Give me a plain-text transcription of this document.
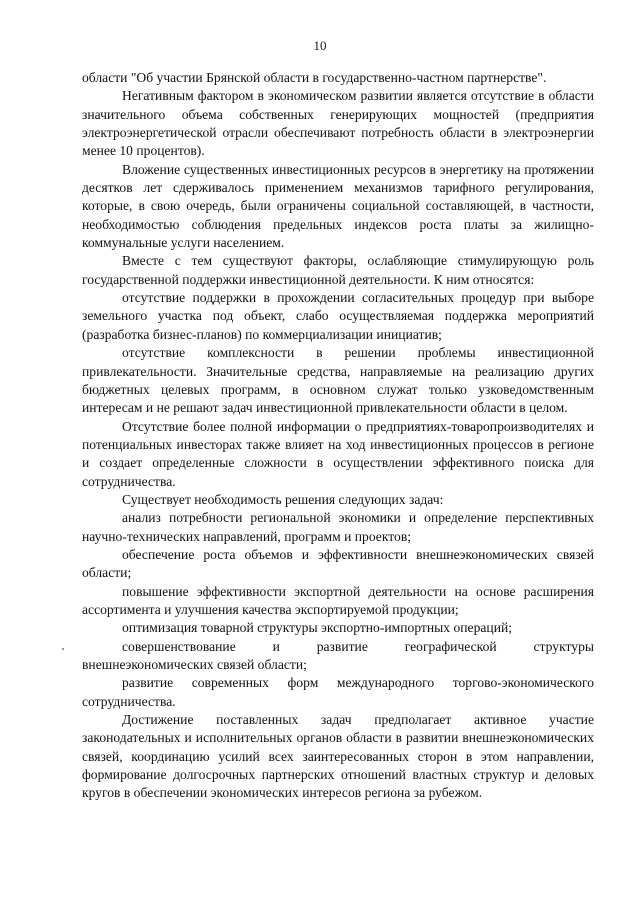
10

области "Об участии Брянской области в государственно-частном партнерстве".

Негативным фактором в экономическом развитии является отсутствие в области значительного объема собственных генерирующих мощностей (предприятия электроэнергетической отрасли обеспечивают потребность области в электроэнергии менее 10 процентов).

Вложение существенных инвестиционных ресурсов в энергетику на протяжении десятков лет сдерживалось применением механизмов тарифного регулирования, которые, в свою очередь, были ограничены социальной составляющей, в частности, необходимостью соблюдения предельных индексов роста платы за жилищно-коммунальные услуги населением.

Вместе с тем существуют факторы, ослабляющие стимулирующую роль государственной поддержки инвестиционной деятельности. К ним относятся:

отсутствие поддержки в прохождении согласительных процедур при выборе земельного участка под объект, слабо осуществляемая поддержка мероприятий (разработка бизнес-планов) по коммерциализации инициатив;

отсутствие комплексности в решении проблемы инвестиционной привлекательности. Значительные средства, направляемые на реализацию других бюджетных целевых программ, в основном служат только узковедомственным интересам и не решают задач инвестиционной привлекательности области в целом.

Отсутствие более полной информации о предприятиях-товаропроизводителях и потенциальных инвесторах также влияет на ход инвестиционных процессов в регионе и создает определенные сложности в осуществлении эффективного поиска для сотрудничества.

Существует необходимость решения следующих задач:

анализ потребности региональной экономики и определение перспективных научно-технических направлений, программ и проектов;

обеспечение роста объемов и эффективности внешнеэкономических связей области;

повышение эффективности экспортной деятельности на основе расширения ассортимента и улучшения качества экспортируемой продукции;

оптимизация товарной структуры экспортно-импортных операций;

совершенствование и развитие географической структуры внешнеэкономических связей области;

развитие современных форм международного торгово-экономического сотрудничества.

Достижение поставленных задач предполагает активное участие законодательных и исполнительных органов области в развитии внешнеэкономических связей, координацию усилий всех заинтересованных сторон в этом направлении, формирование долгосрочных партнерских отношений властных структур и деловых кругов в обеспечении экономических интересов региона за рубежом.
